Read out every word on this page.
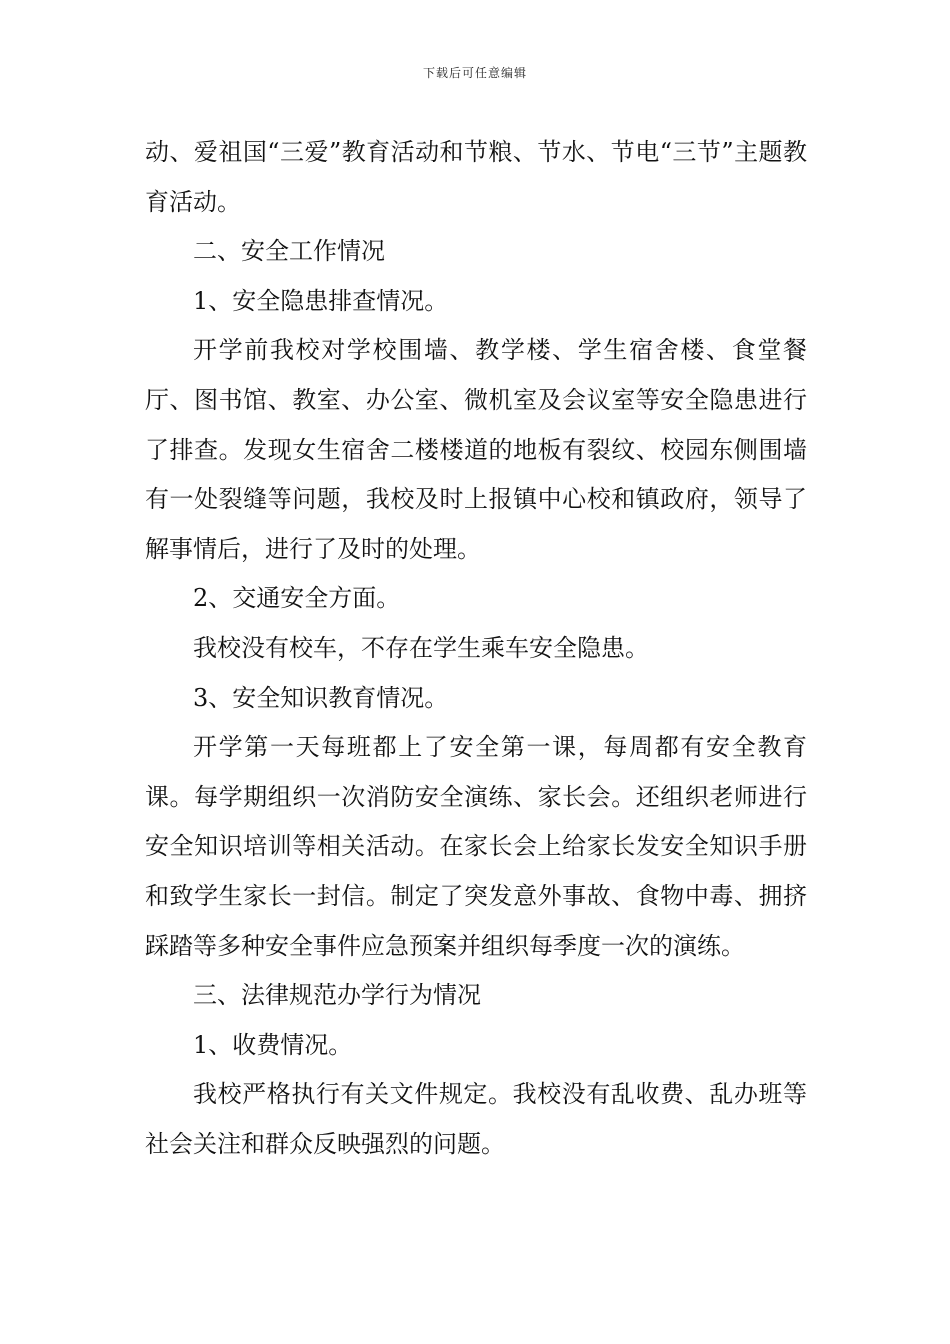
下载后可任意编辑

动、爱祖国“三爱”教育活动和节粮、节水、节电“三节”主题教育活动。

二、安全工作情况

1、安全隐患排查情况。

开学前我校对学校围墙、教学楼、学生宿舍楼、食堂餐厅、图书馆、教室、办公室、微机室及会议室等安全隐患进行了排查。发现女生宿舍二楼楼道的地板有裂纹、校园东侧围墙有一处裂缝等问题，我校及时上报镇中心校和镇政府，领导了解事情后，进行了及时的处理。

2、交通安全方面。

我校没有校车，不存在学生乘车安全隐患。

3、安全知识教育情况。

开学第一天每班都上了安全第一课，每周都有安全教育课。每学期组织一次消防安全演练、家长会。还组织老师进行安全知识培训等相关活动。在家长会上给家长发安全知识手册和致学生家长一封信。制定了突发意外事故、食物中毒、拥挤踩踏等多种安全事件应急预案并组织每季度一次的演练。

三、法律规范办学行为情况

1、收费情况。

我校严格执行有关文件规定。我校没有乱收费、乱办班等社会关注和群众反映强烈的问题。
